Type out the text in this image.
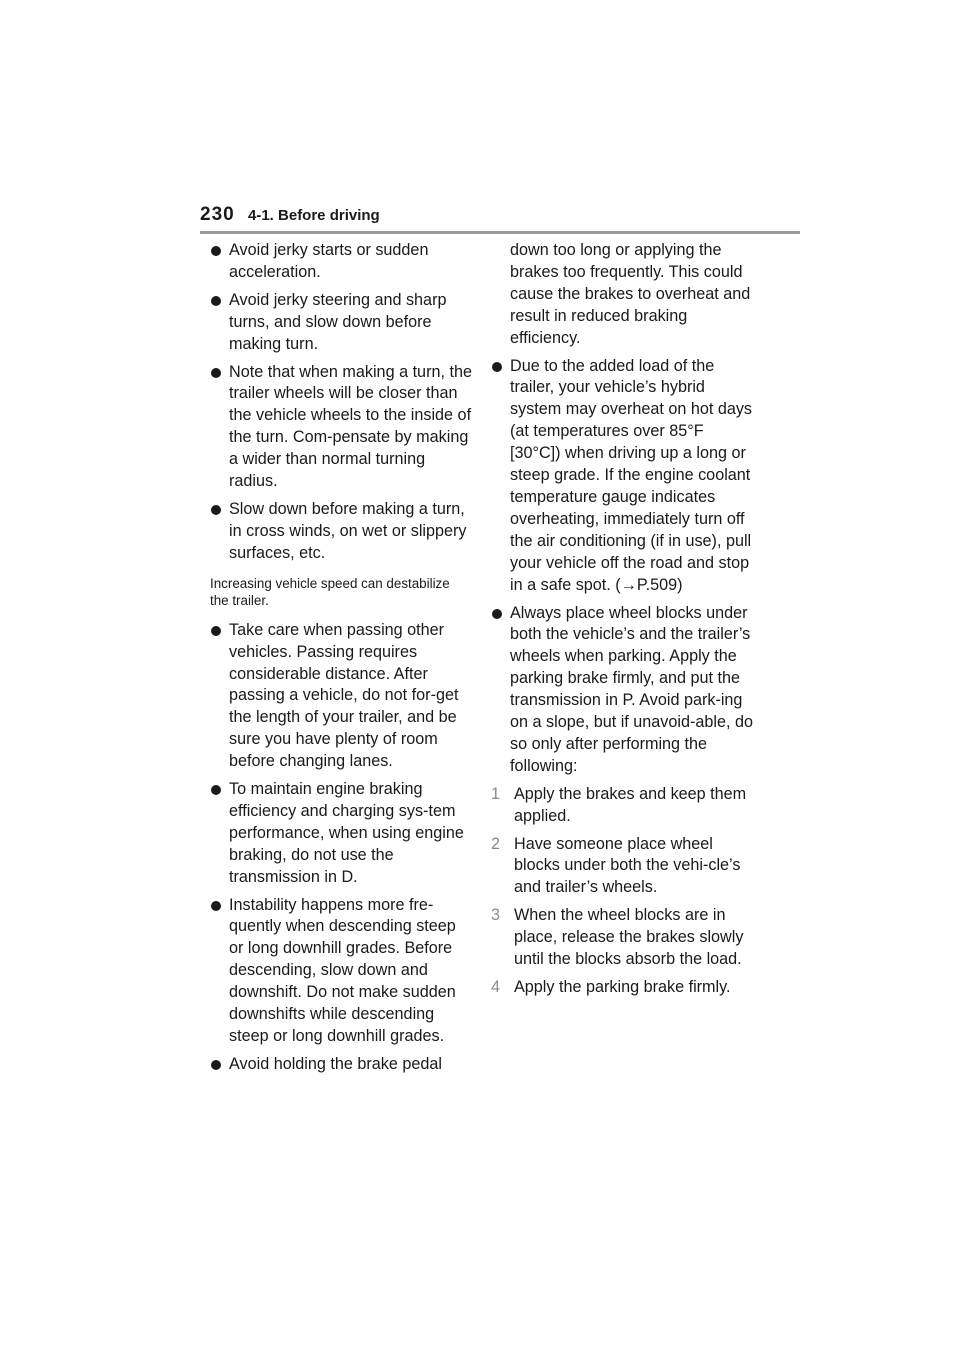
230 4-1. Before driving
Avoid jerky starts or sudden acceleration.
Avoid jerky steering and sharp turns, and slow down before making turn.
Note that when making a turn, the trailer wheels will be closer than the vehicle wheels to the inside of the turn. Com-pensate by making a wider than normal turning radius.
Slow down before making a turn, in cross winds, on wet or slippery surfaces, etc.
Increasing vehicle speed can destabilize the trailer.
Take care when passing other vehicles. Passing requires considerable distance. After passing a vehicle, do not for-get the length of your trailer, and be sure you have plenty of room before changing lanes.
To maintain engine braking efficiency and charging sys-tem performance, when using engine braking, do not use the transmission in D.
Instability happens more fre-quently when descending steep or long downhill grades. Before descending, slow down and downshift. Do not make sudden downshifts while descending steep or long downhill grades.
Avoid holding the brake pedal
down too long or applying the brakes too frequently. This could cause the brakes to overheat and result in reduced braking efficiency.
Due to the added load of the trailer, your vehicle’s hybrid system may overheat on hot days (at temperatures over 85°F [30°C]) when driving up a long or steep grade. If the engine coolant temperature gauge indicates overheating, immediately turn off the air conditioning (if in use), pull your vehicle off the road and stop in a safe spot. (→P.509)
Always place wheel blocks under both the vehicle’s and the trailer’s wheels when parking. Apply the parking brake firmly, and put the transmission in P. Avoid park-ing on a slope, but if unavoid-able, do so only after performing the following:
1 Apply the brakes and keep them applied.
2 Have someone place wheel blocks under both the vehi-cle’s and trailer’s wheels.
3 When the wheel blocks are in place, release the brakes slowly until the blocks absorb the load.
4 Apply the parking brake firmly.
